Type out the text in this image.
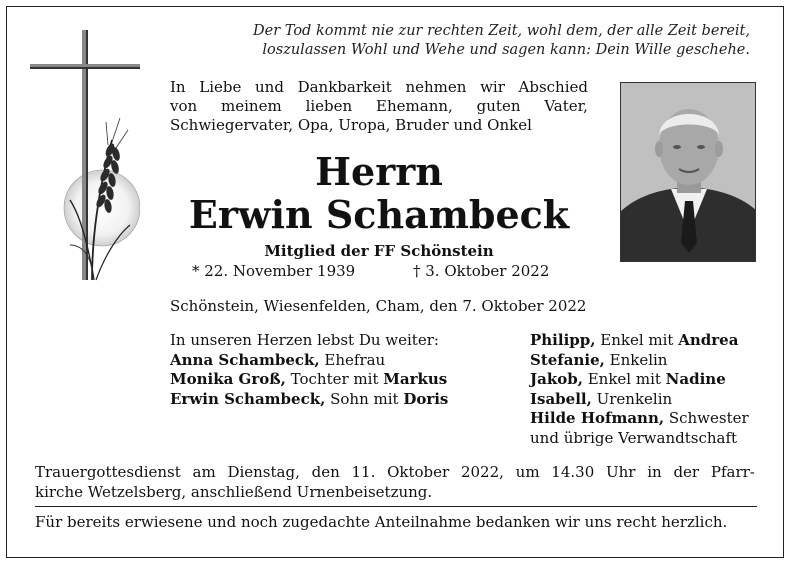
Der Tod kommt nie zur rechten Zeit, wohl dem, der alle Zeit bereit,
loszulassen Wohl und Wehe und sagen kann: Dein Wille geschehe.
In Liebe und Dankbarkeit nehmen wir Abschied
von meinem lieben Ehemann, guten Vater,
Schwiegervater, Opa, Uropa, Bruder und Onkel
Herrn
Erwin Schambeck
Mitglied der FF Schönstein
* 22. November 1939	† 3. Oktober 2022
Schönstein, Wiesenfelden, Cham, den 7. Oktober 2022
In unseren Herzen lebst Du weiter:
Anna Schambeck, Ehefrau
Monika Groß, Tochter mit Markus
Erwin Schambeck, Sohn mit Doris
Philipp, Enkel mit Andrea
Stefanie, Enkelin
Jakob, Enkel mit Nadine
Isabell, Urenkelin
Hilde Hofmann, Schwester
und übrige Verwandtschaft
Trauergottesdienst am Dienstag, den 11. Oktober 2022, um 14.30 Uhr in der Pfarr-
kirche Wetzelsberg, anschließend Urnenbeisetzung.
Für bereits erwiesene und noch zugedachte Anteilnahme bedanken wir uns recht herzlich.
